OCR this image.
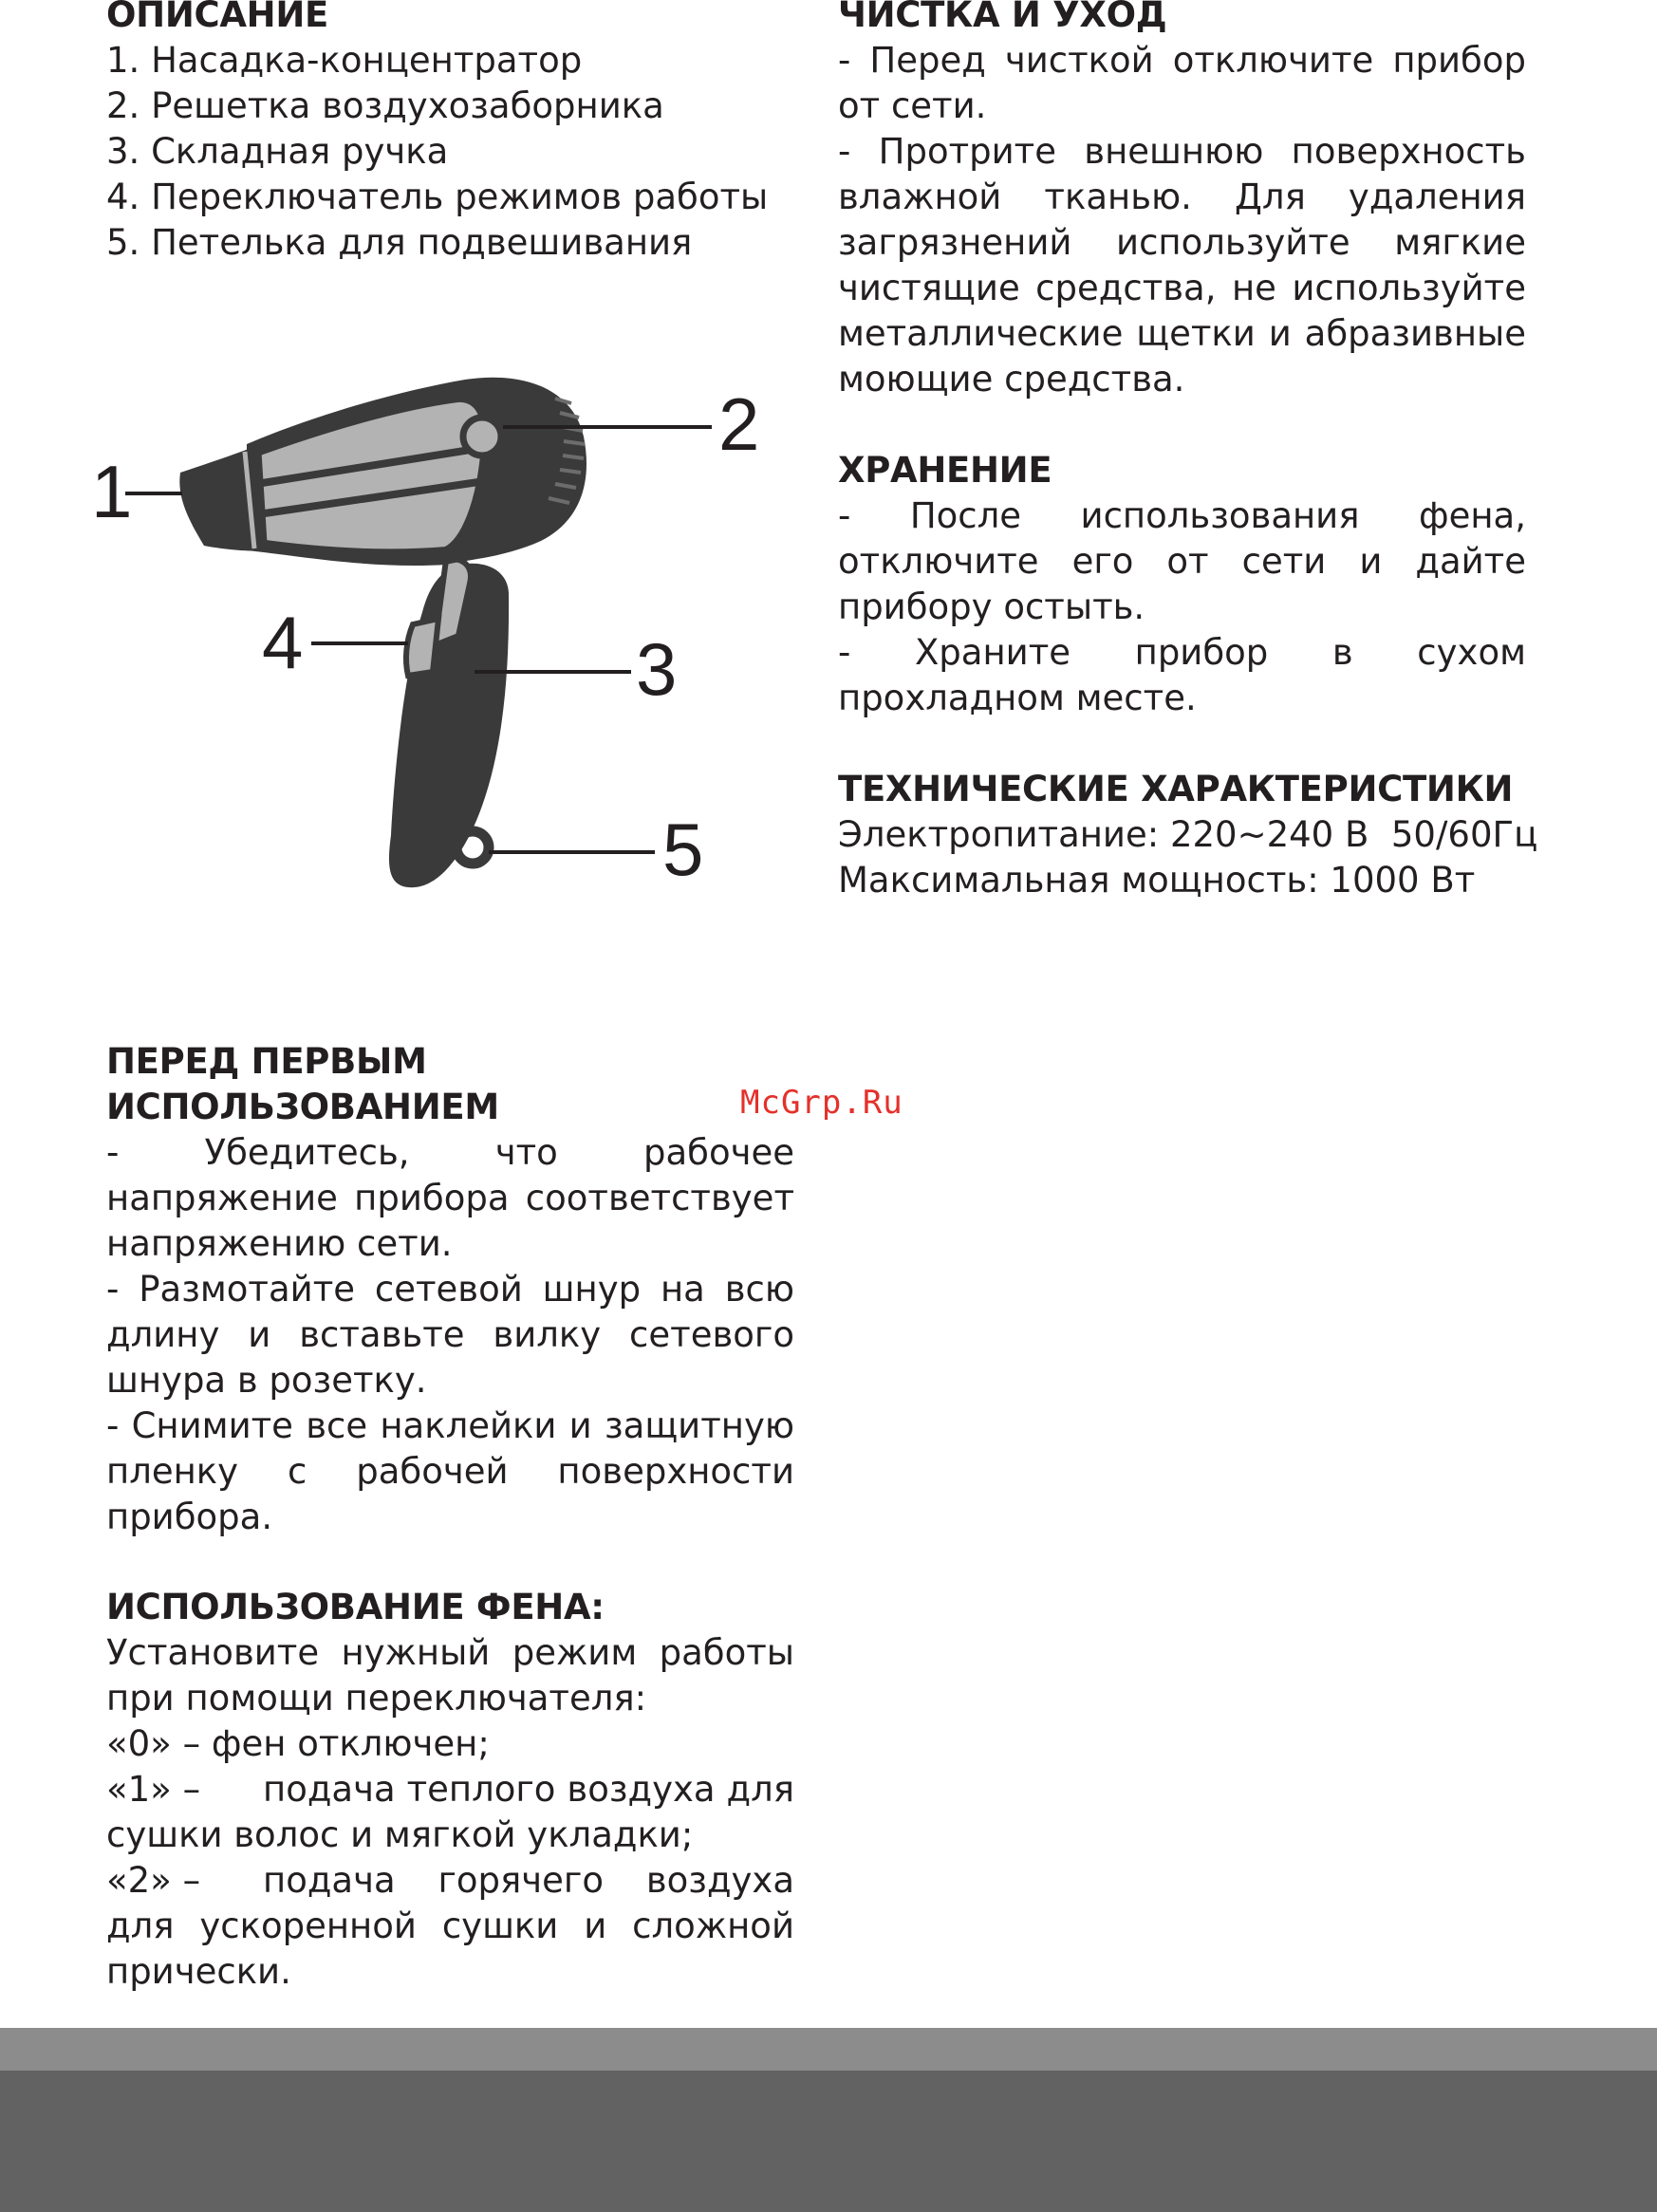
ОПИСАНИЕ

1. Насадка-концентратор

2. Решетка воздухозаборника

3. Складная ручка

4. Переключатель режимов работы

5. Петелька для подвешивания

1
2
3
4
5

ЧИСТКА И УХОД

- Перед чисткой отключите прибор от сети.

- Протрите внешнюю поверхность влажной тканью. Для удаления загрязнений используйте мягкие чистящие средства, не используйте металлические щетки и абразивные моющие средства.

ХРАНЕНИЕ

- После использования фена, отключите его от сети и дайте прибору остыть.

- Храните прибор в сухом прохладном месте.

ТЕХНИЧЕСКИЕ ХАРАКТЕРИСТИКИ

Электропитание: 220~240 В  50/60Гц

Максимальная мощность: 1000 Вт

ПЕРЕД ПЕРВЫМ ИСПОЛЬЗОВАНИЕМ

- Убедитесь, что рабочее напряжение прибора соответствует напряжению сети.

- Размотайте сетевой шнур на всю длину и вставьте вилку сетевого шнура в розетку.

- Снимите все наклейки и защитную пленку с рабочей поверхности прибора.

ИСПОЛЬЗОВАНИЕ ФЕНА:

Установите нужный режим работы при помощи переключателя:

«0» – фен отключен;

«1» – подача теплого воздуха для сушки волос и мягкой укладки;

«2» – подача горячего воздуха для ускоренной сушки и сложной прически.

McGrp.Ru
